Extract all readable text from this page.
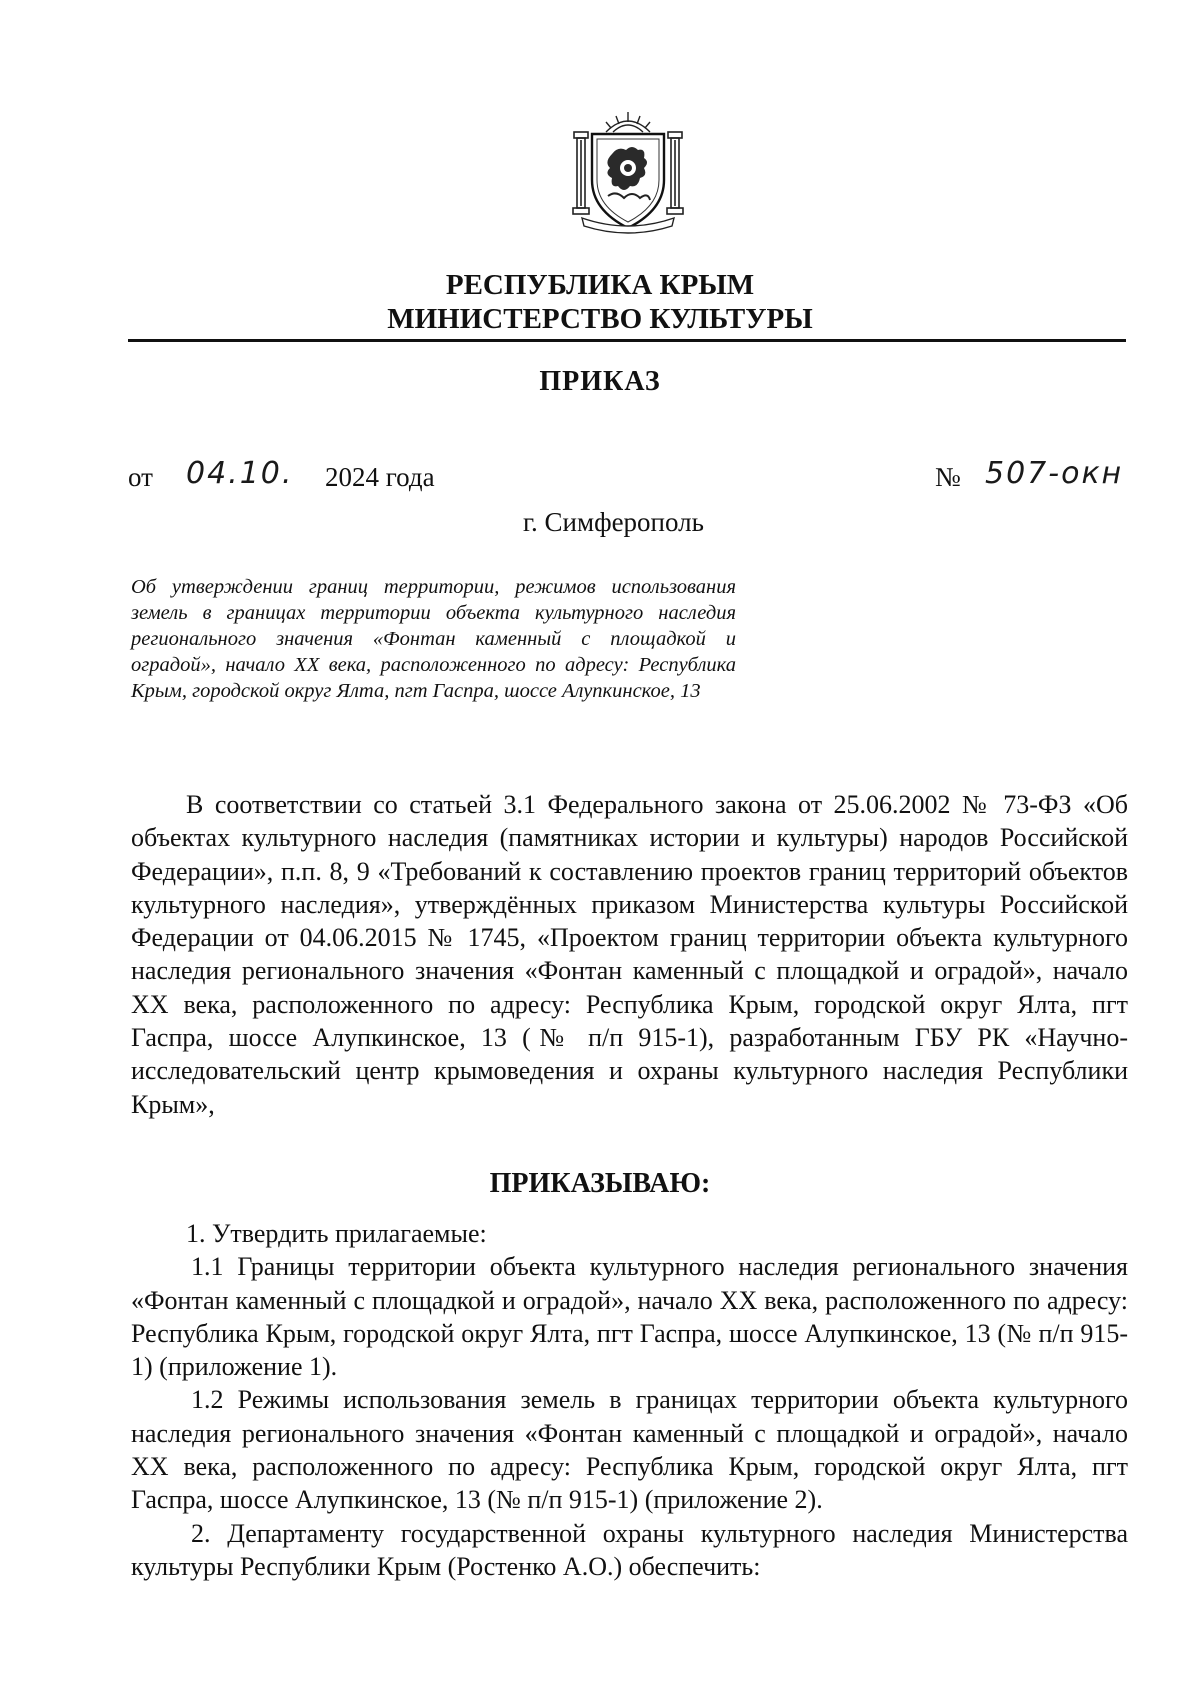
РЕСПУБЛИКА КРЫМ
МИНИСТЕРСТВО КУЛЬТУРЫ
ПРИКАЗ
от 04.10. 2024 года	№ 507-окн
г. Симферополь
Об утверждении границ территории, режимов использования земель в границах территории объекта культурного наследия регионального значения «Фонтан каменный с площадкой и оградой», начало XX века, расположенного по адресу: Республика Крым, городской округ Ялта, пгт Гаспра, шоссе Алупкинское, 13
В соответствии со статьей 3.1 Федерального закона от 25.06.2002 № 73-ФЗ «Об объектах культурного наследия (памятниках истории и культуры) народов Российской Федерации», п.п. 8, 9 «Требований к составлению проектов границ территорий объектов культурного наследия», утверждённых приказом Министерства культуры Российской Федерации от 04.06.2015 № 1745, «Проектом границ территории объекта культурного наследия регионального значения «Фонтан каменный с площадкой и оградой», начало XX века, расположенного по адресу: Республика Крым, городской округ Ялта, пгт Гаспра, шоссе Алупкинское, 13 (№ п/п 915-1), разработанным ГБУ РК «Научно-исследовательский центр крымоведения и охраны культурного наследия Республики Крым»,
ПРИКАЗЫВАЮ:

1. Утвердить прилагаемые:

1.1 Границы территории объекта культурного наследия регионального значения «Фонтан каменный с площадкой и оградой», начало XX века, расположенного по адресу: Республика Крым, городской округ Ялта, пгт Гаспра, шоссе Алупкинское, 13 (№ п/п 915-1) (приложение 1).

1.2 Режимы использования земель в границах территории объекта культурного наследия регионального значения «Фонтан каменный с площадкой и оградой», начало XX века, расположенного по адресу: Республика Крым, городской округ Ялта, пгт Гаспра, шоссе Алупкинское, 13 (№ п/п 915-1) (приложение 2).

2. Департаменту государственной охраны культурного наследия Министерства культуры Республики Крым (Ростенко А.О.) обеспечить:
